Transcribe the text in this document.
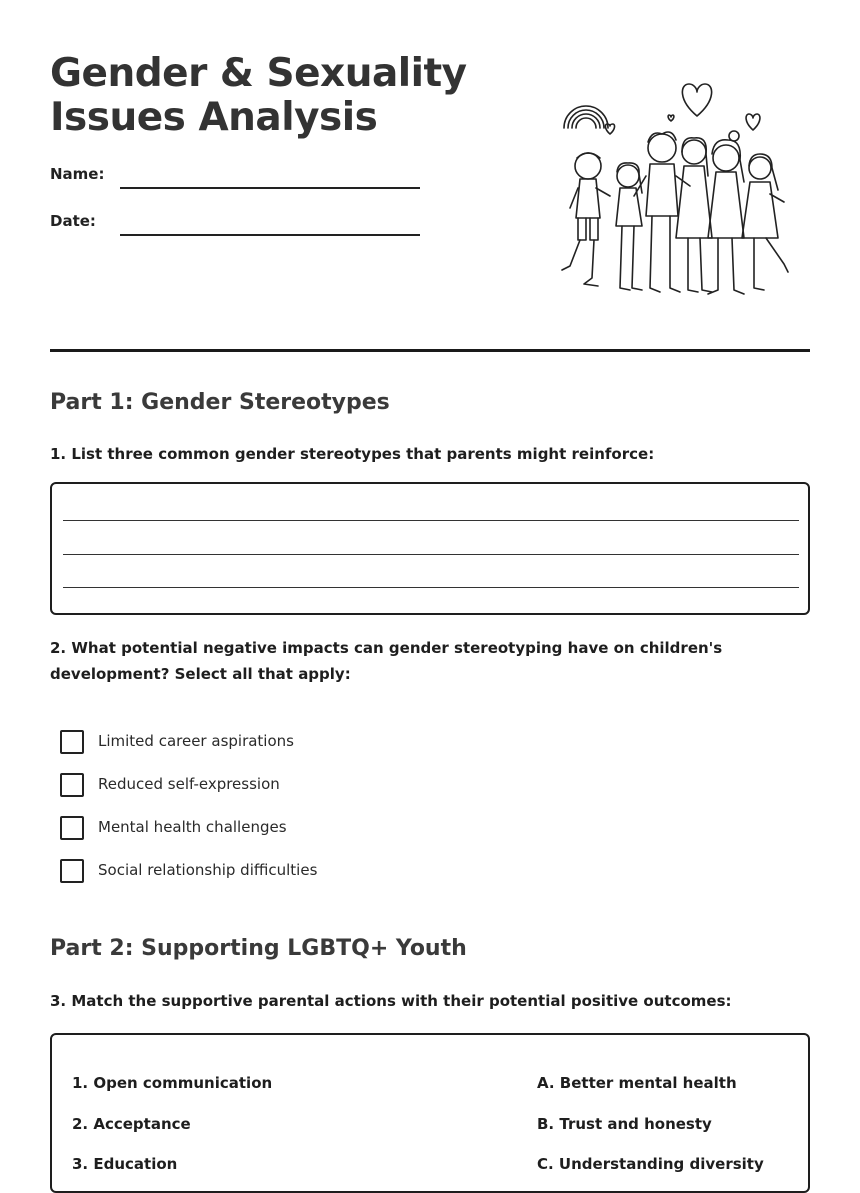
Gender & Sexuality
Issues Analysis
Name:
Date:
Part 1: Gender Stereotypes
1. List three common gender stereotypes that parents might reinforce:
2. What potential negative impacts can gender stereotyping have on children's development? Select all that apply:
Limited career aspirations
Reduced self-expression
Mental health challenges
Social relationship difficulties
Part 2: Supporting LGBTQ+ Youth
3. Match the supportive parental actions with their potential positive outcomes:
1. Open communication
2. Acceptance
3. Education
A. Better mental health
B. Trust and honesty
C. Understanding diversity
